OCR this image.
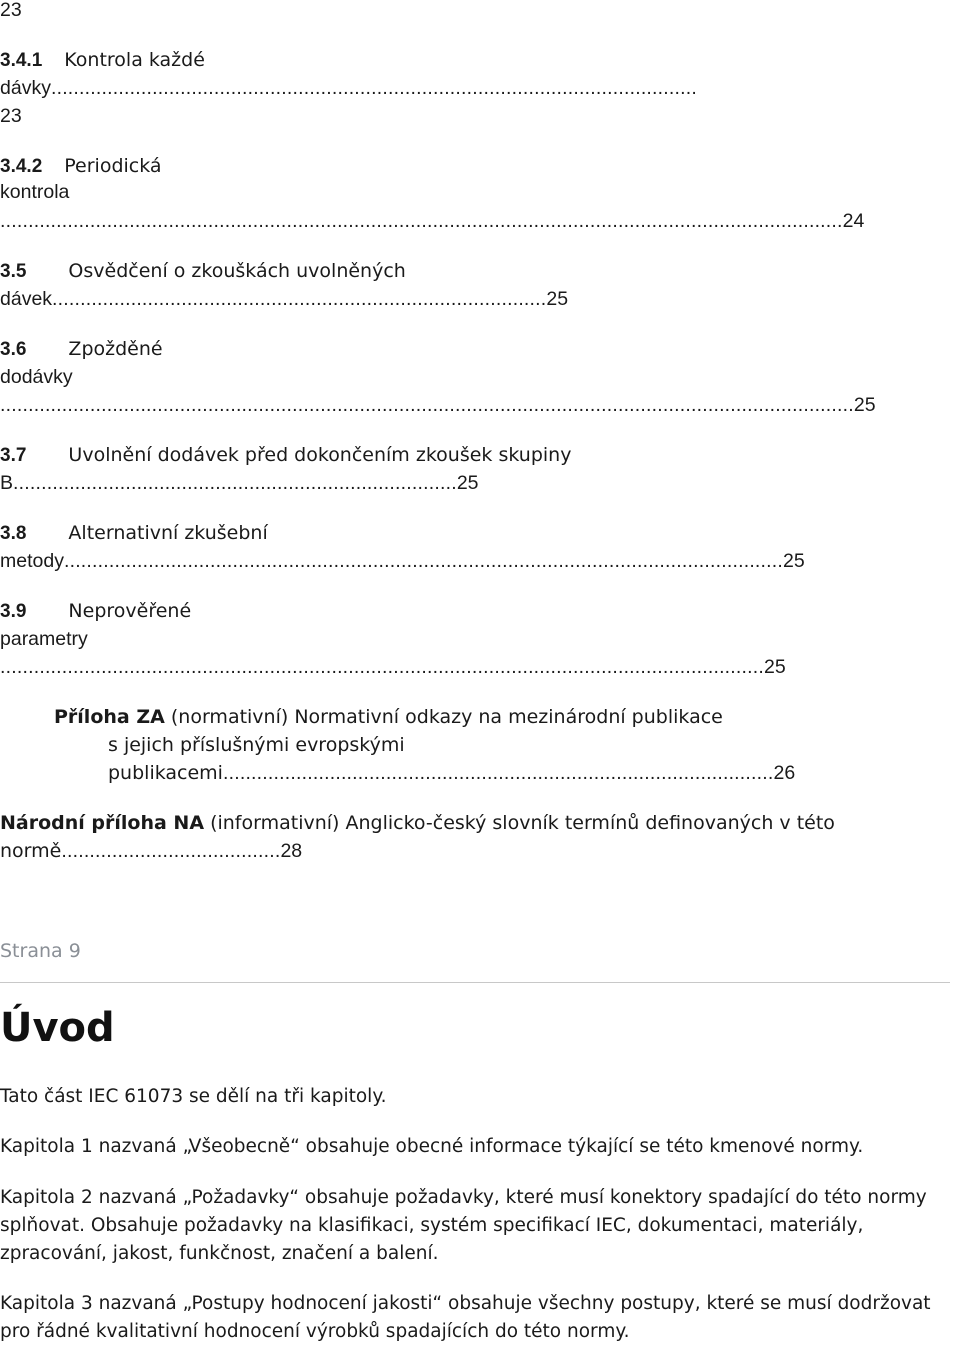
23
3.4.1 Kontrola každé
dávky...................................................................................................................
23
3.4.2 Periodická
kontrola
......................................................................................................................................................24
3.5 Osvědčení o zkouškách uvolněných
dávek........................................................................................25
3.6 Zpožděné
dodávky
........................................................................................................................................................25
3.7 Uvolnění dodávek před dokončením zkoušek skupiny
B...............................................................................25
3.8 Alternativní zkušební
metody................................................................................................................................25
3.9 Neprověřené
parametry
........................................................................................................................................25
Příloha ZA (normativní) Normativní odkazy na mezinárodní publikace
s jejich příslušnými evropskými
publikacemi..................................................................................................26
Národní příloha NA (informativní) Anglicko-český slovník termínů definovaných v této
normě.......................................28
Strana 9
Úvod
Tato část IEC 61073 se dělí na tři kapitoly.
Kapitola 1 nazvaná „Všeobecně“ obsahuje obecné informace týkající se této kmenové normy.
Kapitola 2 nazvaná „Požadavky“ obsahuje požadavky, které musí konektory spadající do této normy splňovat. Obsahuje požadavky na klasifikaci, systém specifikací IEC, dokumentaci, materiály, zpracování, jakost, funkčnost, značení a balení.
Kapitola 3 nazvaná „Postupy hodnocení jakosti“ obsahuje všechny postupy, které se musí dodržovat pro řádné kvalitativní hodnocení výrobků spadajících do této normy.
